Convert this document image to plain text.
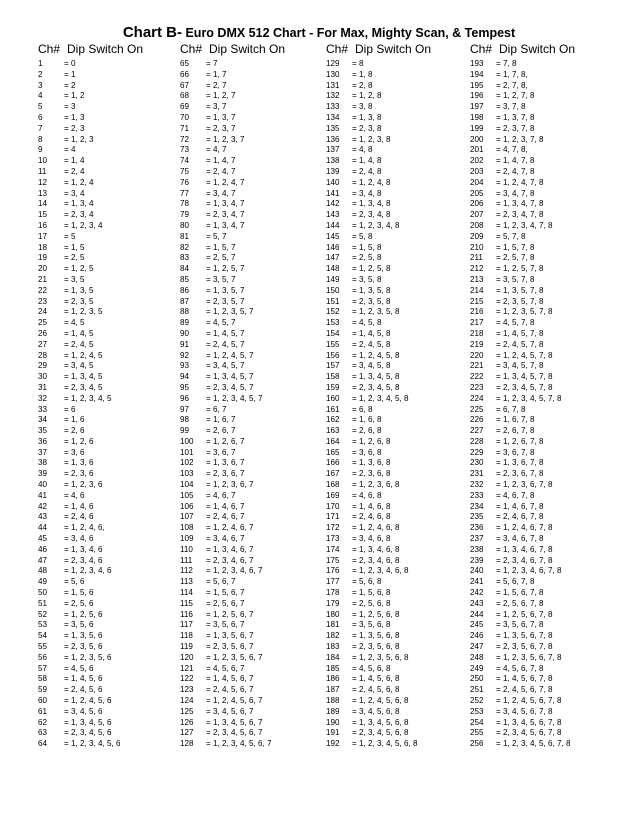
Chart B- Euro DMX 512 Chart - For Max, Mighty Scan, & Tempest
Ch# Dip Switch On
1	= 0
2	= 1
3	= 2
4	= 1, 2
5	= 3
6	= 1, 3
7	= 2, 3
8	= 1, 2, 3
9	= 4
10 = 1, 4
11 = 2, 4
12 = 1, 2, 4
13 = 3, 4
14 = 1, 3, 4
15 = 2, 3, 4
16 = 1, 2, 3, 4
17 = 5
18 = 1, 5
19 = 2, 5
20 = 1, 2, 5
21 = 3, 5
22 = 1, 3, 5
23 = 2, 3, 5
24 = 1, 2, 3, 5
25 = 4, 5
26 = 1, 4, 5
27 = 2, 4, 5
28 = 1, 2, 4, 5
29 = 3, 4, 5
30 = 1, 3, 4, 5
31 = 2, 3, 4, 5
32 = 1, 2, 3, 4, 5
33 = 6
34 = 1, 6
35 = 2, 6
36 = 1, 2, 6
37 = 3, 6
38 = 1, 3, 6
39 = 2, 3, 6
40 = 1, 2, 3, 6
41 = 4, 6
42 = 1, 4, 6
43 = 2, 4, 6
44 = 1, 2, 4, 6,
45 = 3, 4, 6
46 = 1, 3, 4, 6
47 = 2, 3, 4, 6
48 = 1, 2, 3, 4, 6
49 = 5, 6
50 = 1, 5, 6
51 = 2, 5, 6
52 = 1, 2, 5, 6
53 = 3, 5, 6
54 = 1, 3, 5, 6
55 = 2, 3, 5, 6
56 = 1, 2, 3, 5, 6
57 = 4, 5, 6
58 = 1, 4, 5, 6
59 = 2, 4, 5, 6
60 = 1, 2, 4, 5, 6
61 = 3, 4, 5, 6
62 = 1, 3, 4, 5, 6
63 = 2, 3, 4, 5, 6
64 = 1, 2, 3, 4, 5, 6
Ch# Dip Switch On
65 = 7
66 = 1, 7
67 = 2, 7
68 = 1, 2, 7
69 = 3, 7
70 = 1, 3, 7
71 = 2, 3, 7
72 = 1, 2, 3, 7
73 = 4, 7
74 = 1, 4, 7
75 = 2, 4, 7
76 = 1, 2, 4, 7
77 = 3, 4, 7
78 = 1, 3, 4, 7
79 = 2, 3, 4, 7
80 = 1, 3, 4, 7
81 = 5, 7
82 = 1, 5, 7
83 = 2, 5, 7
84 = 1, 2, 5, 7
85 = 3, 5, 7
86 = 1, 3, 5, 7
87 = 2, 3, 5, 7
88 = 1, 2, 3, 5, 7
89 = 4, 5, 7
90 = 1, 4, 5, 7
91 = 2, 4, 5, 7
92 = 1, 2, 4, 5, 7
93 = 3, 4, 5, 7
94 = 1, 3, 4, 5, 7
95 = 2, 3, 4, 5, 7
96 = 1, 2, 3, 4, 5, 7
97 = 6, 7
98 = 1, 6, 7
99 = 2, 6, 7
100 = 1, 2, 6, 7
101 = 3, 6, 7
102 = 1, 3, 6, 7
103 = 2, 3, 6, 7
104 = 1, 2, 3, 6, 7
105 = 4, 6, 7
106 = 1, 4, 6, 7
107 = 2, 4, 6, 7
108 = 1, 2, 4, 6, 7
109 = 3, 4, 6, 7
110 = 1, 3, 4, 6, 7
111 = 2, 3, 4, 6, 7
112 = 1, 2, 3, 4, 6, 7
113 = 5, 6, 7
114 = 1, 5, 6, 7
115 = 2, 5, 6, 7
116 = 1, 2, 5, 6, 7
117 = 3, 5, 6, 7
118 = 1, 3, 5, 6, 7
119 = 2, 3, 5, 6, 7
120 = 1, 2, 3, 5, 6, 7
121 = 4, 5, 6, 7
122 = 1, 4, 5, 6, 7
123 = 2, 4, 5, 6, 7
124 = 1, 2, 4, 5, 6, 7
125 = 3, 4, 5, 6, 7
126 = 1, 3, 4, 5, 6, 7
127 = 2, 3, 4, 5, 6, 7
128 = 1, 2, 3, 4, 5, 6, 7
Ch# Dip Switch On
129 = 8
130 = 1, 8
131 = 2, 8
132 = 1, 2, 8
133 = 3, 8
134 = 1, 3, 8
135 = 2, 3, 8
136 = 1, 2, 3, 8
137 = 4, 8
138 = 1, 4, 8
139 = 2, 4, 8
140 = 1, 2, 4, 8
141 = 3, 4, 8
142 = 1, 3, 4, 8
143 = 2, 3, 4, 8
144 = 1, 2, 3, 4, 8
145 = 5, 8
146 = 1, 5, 8
147 = 2, 5, 8
148 = 1, 2, 5, 8
149 = 3, 5, 8
150 = 1, 3, 5, 8
151 = 2, 3, 5, 8
152 = 1, 2, 3, 5, 8
153 = 4, 5, 8
154 = 1, 4, 5, 8
155 = 2, 4, 5, 8
156 = 1, 2, 4, 5, 8
157 = 3, 4, 5, 8
158 = 1, 3, 4, 5, 8
159 = 2, 3, 4, 5, 8
160 = 1, 2, 3, 4, 5, 8
161 = 6, 8
162 = 1, 6, 8
163 = 2, 6, 8
164 = 1, 2, 6, 8
165 = 3, 6, 8
166 = 1, 3, 6, 8
167 = 2, 3, 6, 8
168 = 1, 2, 3, 6, 8
169 = 4, 6, 8
170 = 1, 4, 6, 8
171 = 2, 4, 6, 8
172 = 1, 2, 4, 6, 8
173 = 3, 4, 6, 8
174 = 1, 3, 4, 6, 8
175 = 2, 3, 4, 6, 8
176 = 1, 2, 3, 4, 6, 8
177 = 5, 6, 8
178 = 1, 5, 6, 8
179 = 2, 5, 6, 8
180 = 1, 2, 5, 6, 8
181 = 3, 5, 6, 8
182 = 1, 3, 5, 6, 8
183 = 2, 3, 5, 6, 8
184 = 1, 2, 3, 5, 6, 8
185 = 4, 5, 6, 8
186 = 1, 4, 5, 6, 8
187 = 2, 4, 5, 6, 8
188 = 1, 2, 4, 5, 6, 8
189 = 3, 4, 5, 6, 8
190 = 1, 3, 4, 5, 6, 8
191 = 2, 3, 4, 5, 6, 8
192 = 1, 2, 3, 4, 5, 6, 8
Ch# Dip Switch On
193 = 7, 8
194 = 1, 7, 8,
195 = 2, 7, 8,
196 = 1, 2, 7, 8
197 = 3, 7, 8
198 = 1, 3, 7, 8
199 = 2, 3, 7, 8
200 = 1, 2, 3, 7, 8
201 = 4, 7, 8,
202 = 1, 4, 7, 8
203 = 2, 4, 7, 8
204 = 1, 2, 4, 7, 8
205 = 3, 4, 7, 8
206 = 1, 3, 4, 7, 8
207 = 2, 3, 4, 7, 8
208 = 1, 2, 3, 4, 7, 8
209 = 5, 7, 8
210 = 1, 5, 7, 8
211 = 2, 5, 7, 8
212 = 1, 2, 5, 7, 8
213 = 3, 5, 7, 8
214 = 1, 3, 5, 7, 8
215 = 2, 3, 5, 7, 8
216 = 1, 2, 3, 5, 7, 8
217 = 4, 5, 7, 8
218 = 1, 4, 5, 7, 8
219 = 2, 4, 5, 7, 8
220 = 1, 2, 4, 5, 7, 8
221 = 3, 4, 5, 7, 8
222 = 1, 3, 4, 5, 7, 8
223 = 2, 3, 4, 5, 7, 8
224 = 1, 2, 3, 4, 5, 7, 8
225 = 6, 7, 8
226 = 1, 6, 7, 8
227 = 2, 6, 7, 8
228 = 1, 2, 6, 7, 8
229 = 3, 6, 7, 8
230 = 1, 3, 6, 7, 8
231 = 2, 3, 6, 7, 8
232 = 1, 2, 3, 6, 7, 8
233 = 4, 6, 7, 8
234 = 1, 4, 6, 7, 8
235 = 2, 4, 6, 7, 8
236 = 1, 2, 4, 6, 7, 8
237 = 3, 4, 6, 7, 8
238 = 1, 3, 4, 6, 7, 8
239 = 2, 3, 4, 6, 7, 8
240 = 1, 2, 3, 4, 6, 7, 8
241 = 5, 6, 7, 8
242 = 1, 5, 6, 7, 8
243 = 2, 5, 6, 7, 8
244 = 1, 2, 5, 6, 7, 8
245 = 3, 5, 6, 7, 8
246 = 1, 3, 5, 6, 7, 8
247 = 2, 3, 5, 6, 7, 8
248 = 1, 2, 3, 5, 6, 7, 8
249 = 4, 5, 6, 7, 8
250 = 1, 4, 5, 6, 7, 8
251 = 2, 4, 5, 6, 7, 8
252 = 1, 2, 4, 5, 6, 7, 8
253 = 3, 4, 5, 6, 7, 8
254 = 1, 3, 4, 5, 6, 7, 8
255 = 2, 3, 4, 5, 6, 7, 8
256 = 1, 2, 3, 4, 5, 6, 7, 8
